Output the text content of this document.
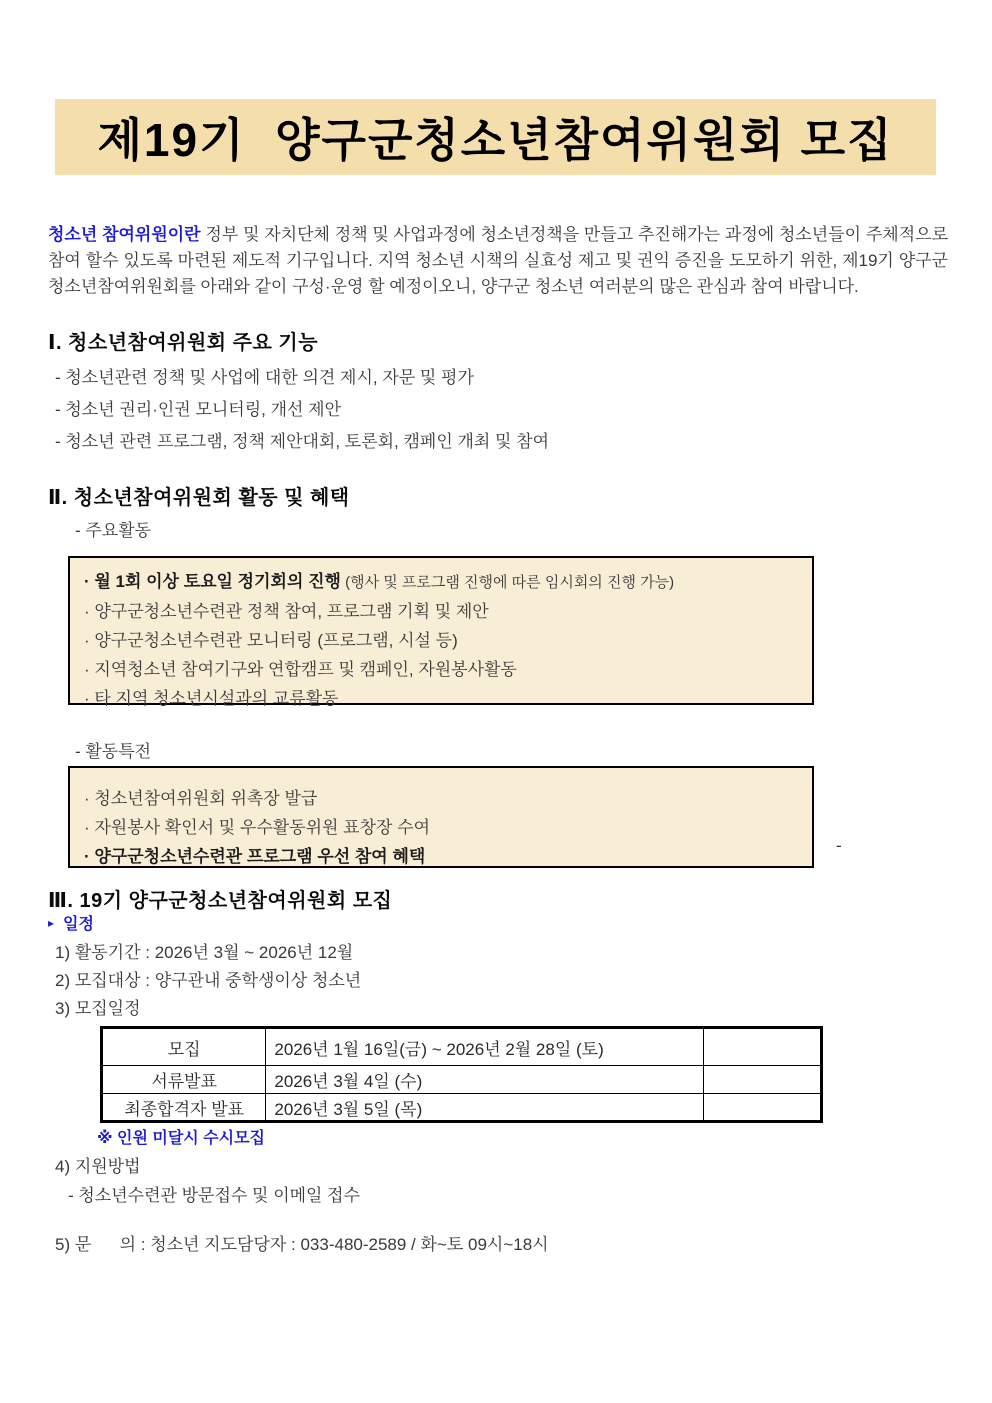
제19기  양구군청소년참여위원회 모집

청소년 참여위원이란 정부 및 자치단체 정책 및 사업과정에 청소년정책을 만들고 추진해가는 과정에 청소년들이 주체적으로 참여 할수 있도록 마련된 제도적 기구입니다. 지역 청소년 시책의 실효성 제고 및 권익 증진을 도모하기 위한, 제19기 양구군청소년참여위원회를 아래와 같이 구성·운영 할 예정이오니, 양구군 청소년 여러분의 많은 관심과 참여 바랍니다.

Ⅰ. 청소년참여위원회 주요 기능
- 청소년관련 정책 및 사업에 대한 의견 제시, 자문 및 평가
- 청소년 권리·인권 모니터링, 개선 제안
- 청소년 관련 프로그램, 정책 제안대회, 토론회, 캠페인 개최 및 참여
Ⅱ. 청소년참여위원회 활동 및 혜택
- 주요활동
· 월 1회 이상 토요일 정기회의 진행 (행사 및 프로그램 진행에 따른 임시회의 진행 가능)
· 양구군청소년수련관 정책 참여, 프로그램 기획 및 제안
· 양구군청소년수련관 모니터링 (프로그램, 시설 등)
· 지역청소년 참여기구와 연합캠프 및 캠페인, 자원봉사활동
· 타 지역 청소년시설과의 교류활동
- 활동특전
· 청소년참여위원회 위촉장 발급
· 자원봉사 확인서 및 우수활동위원 표창장 수여
· 양구군청소년수련관 프로그램 우선 참여 혜택
-
Ⅲ. 19기 양구군청소년참여위원회 모집
▸ 일정
1) 활동기간 : 2026년 3월 ~ 2026년 12월
2) 모집대상 : 양구관내 중학생이상 청소년
3) 모집일정
모집	2026년 1월 16일(금) ~ 2026년 2월 28일 (토)	
서류발표	2026년 3월 4일 (수)	
최종합격자 발표	2026년 3월 5일 (목)	
※ 인원 미달시 수시모집
4) 지원방법
- 청소년수련관 방문접수 및 이메일 접수
5) 문      의 : 청소년 지도담당자 : 033-480-2589 / 화~토 09시~18시
